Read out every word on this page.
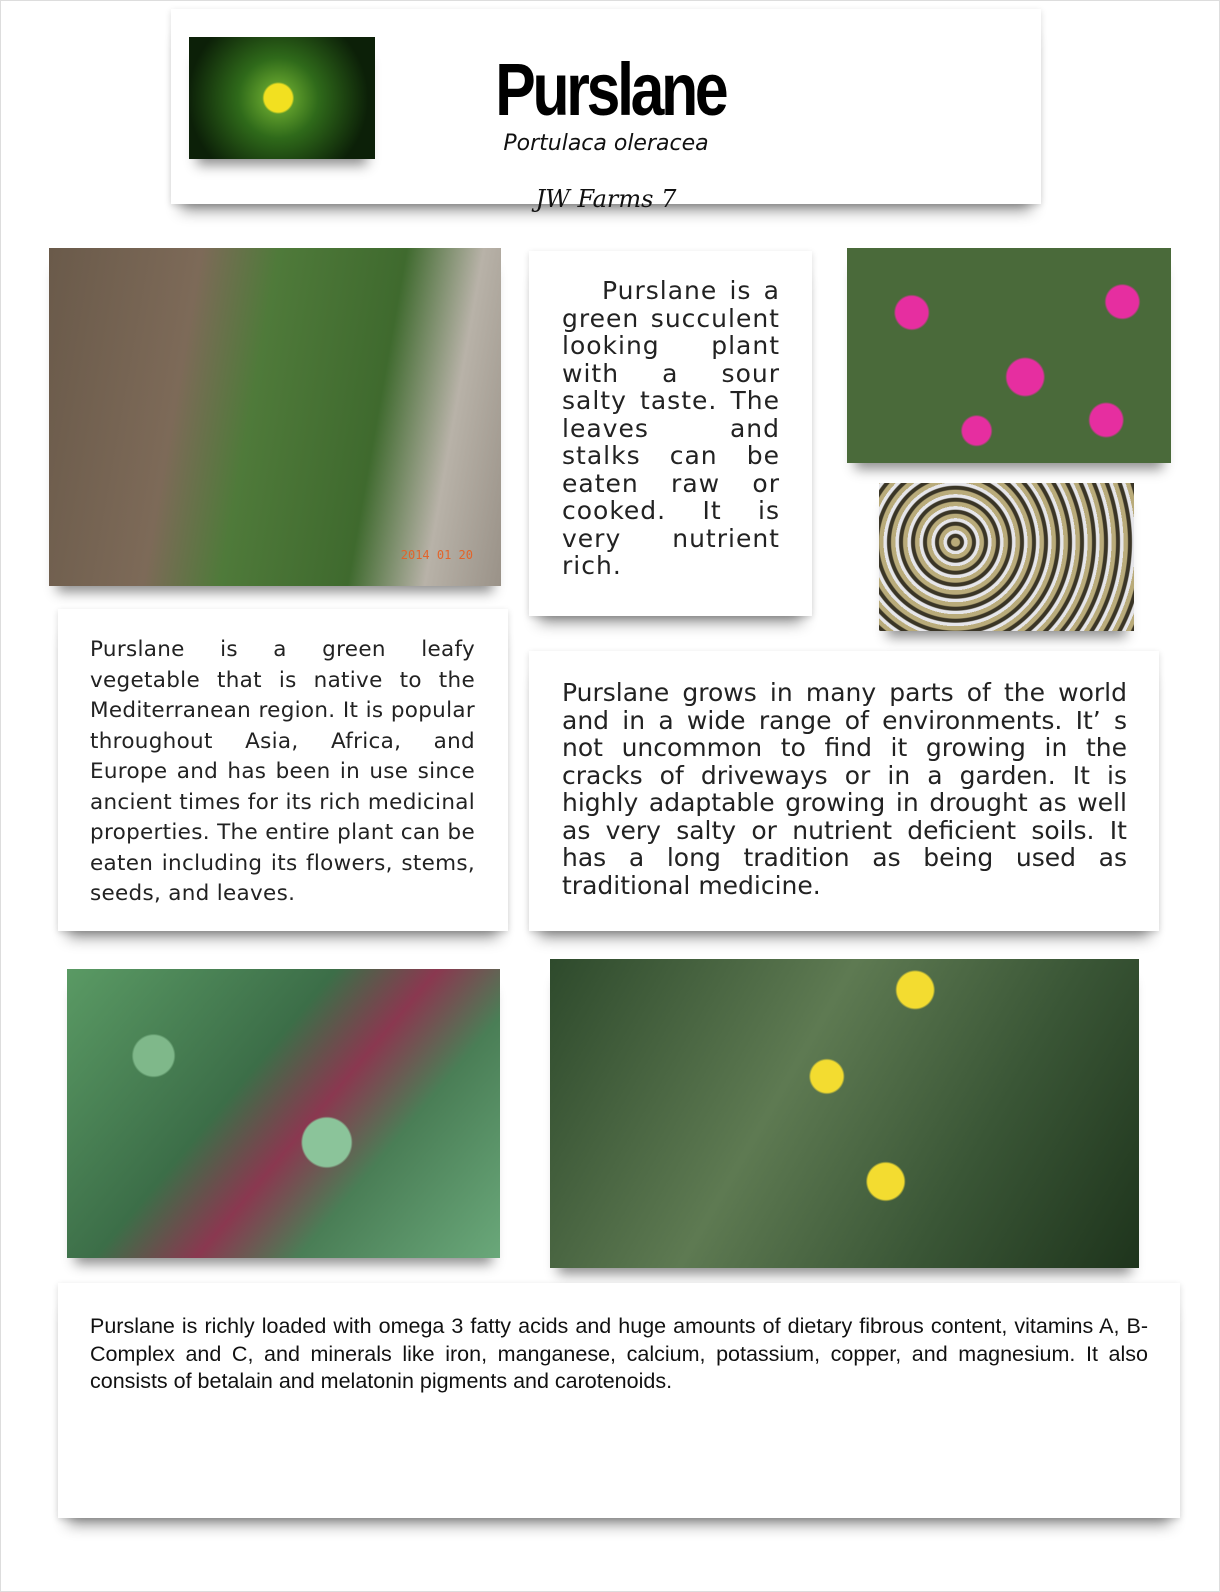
Purslane
Portulaca oleracea
JW Farms 7
2014 01 20
Purslane is a green succulent looking plant with a sour salty taste. The leaves and stalks can be eaten raw or cooked. It is very nutrient rich.
Purslane is a green leafy vegetable that is native to the Mediterranean region. It is popular throughout Asia, Africa, and Europe and has been in use since ancient times for its rich medicinal properties. The entire plant can be eaten including its flowers, stems, seeds, and leaves.
Purslane grows in many parts of the world and in a wide range of environments. It’ s not uncommon to find it growing in the cracks of driveways or in a garden. It is highly adaptable growing in drought as well as very salty or nutrient deficient soils. It has a long tradition as being used as traditional medicine.
Purslane is richly loaded with omega 3 fatty acids and huge amounts of dietary fibrous content, vitamins A, B-Complex and C, and minerals like iron, manganese, calcium, potassium, copper, and magnesium. It also consists of betalain and melatonin pigments and carotenoids.
